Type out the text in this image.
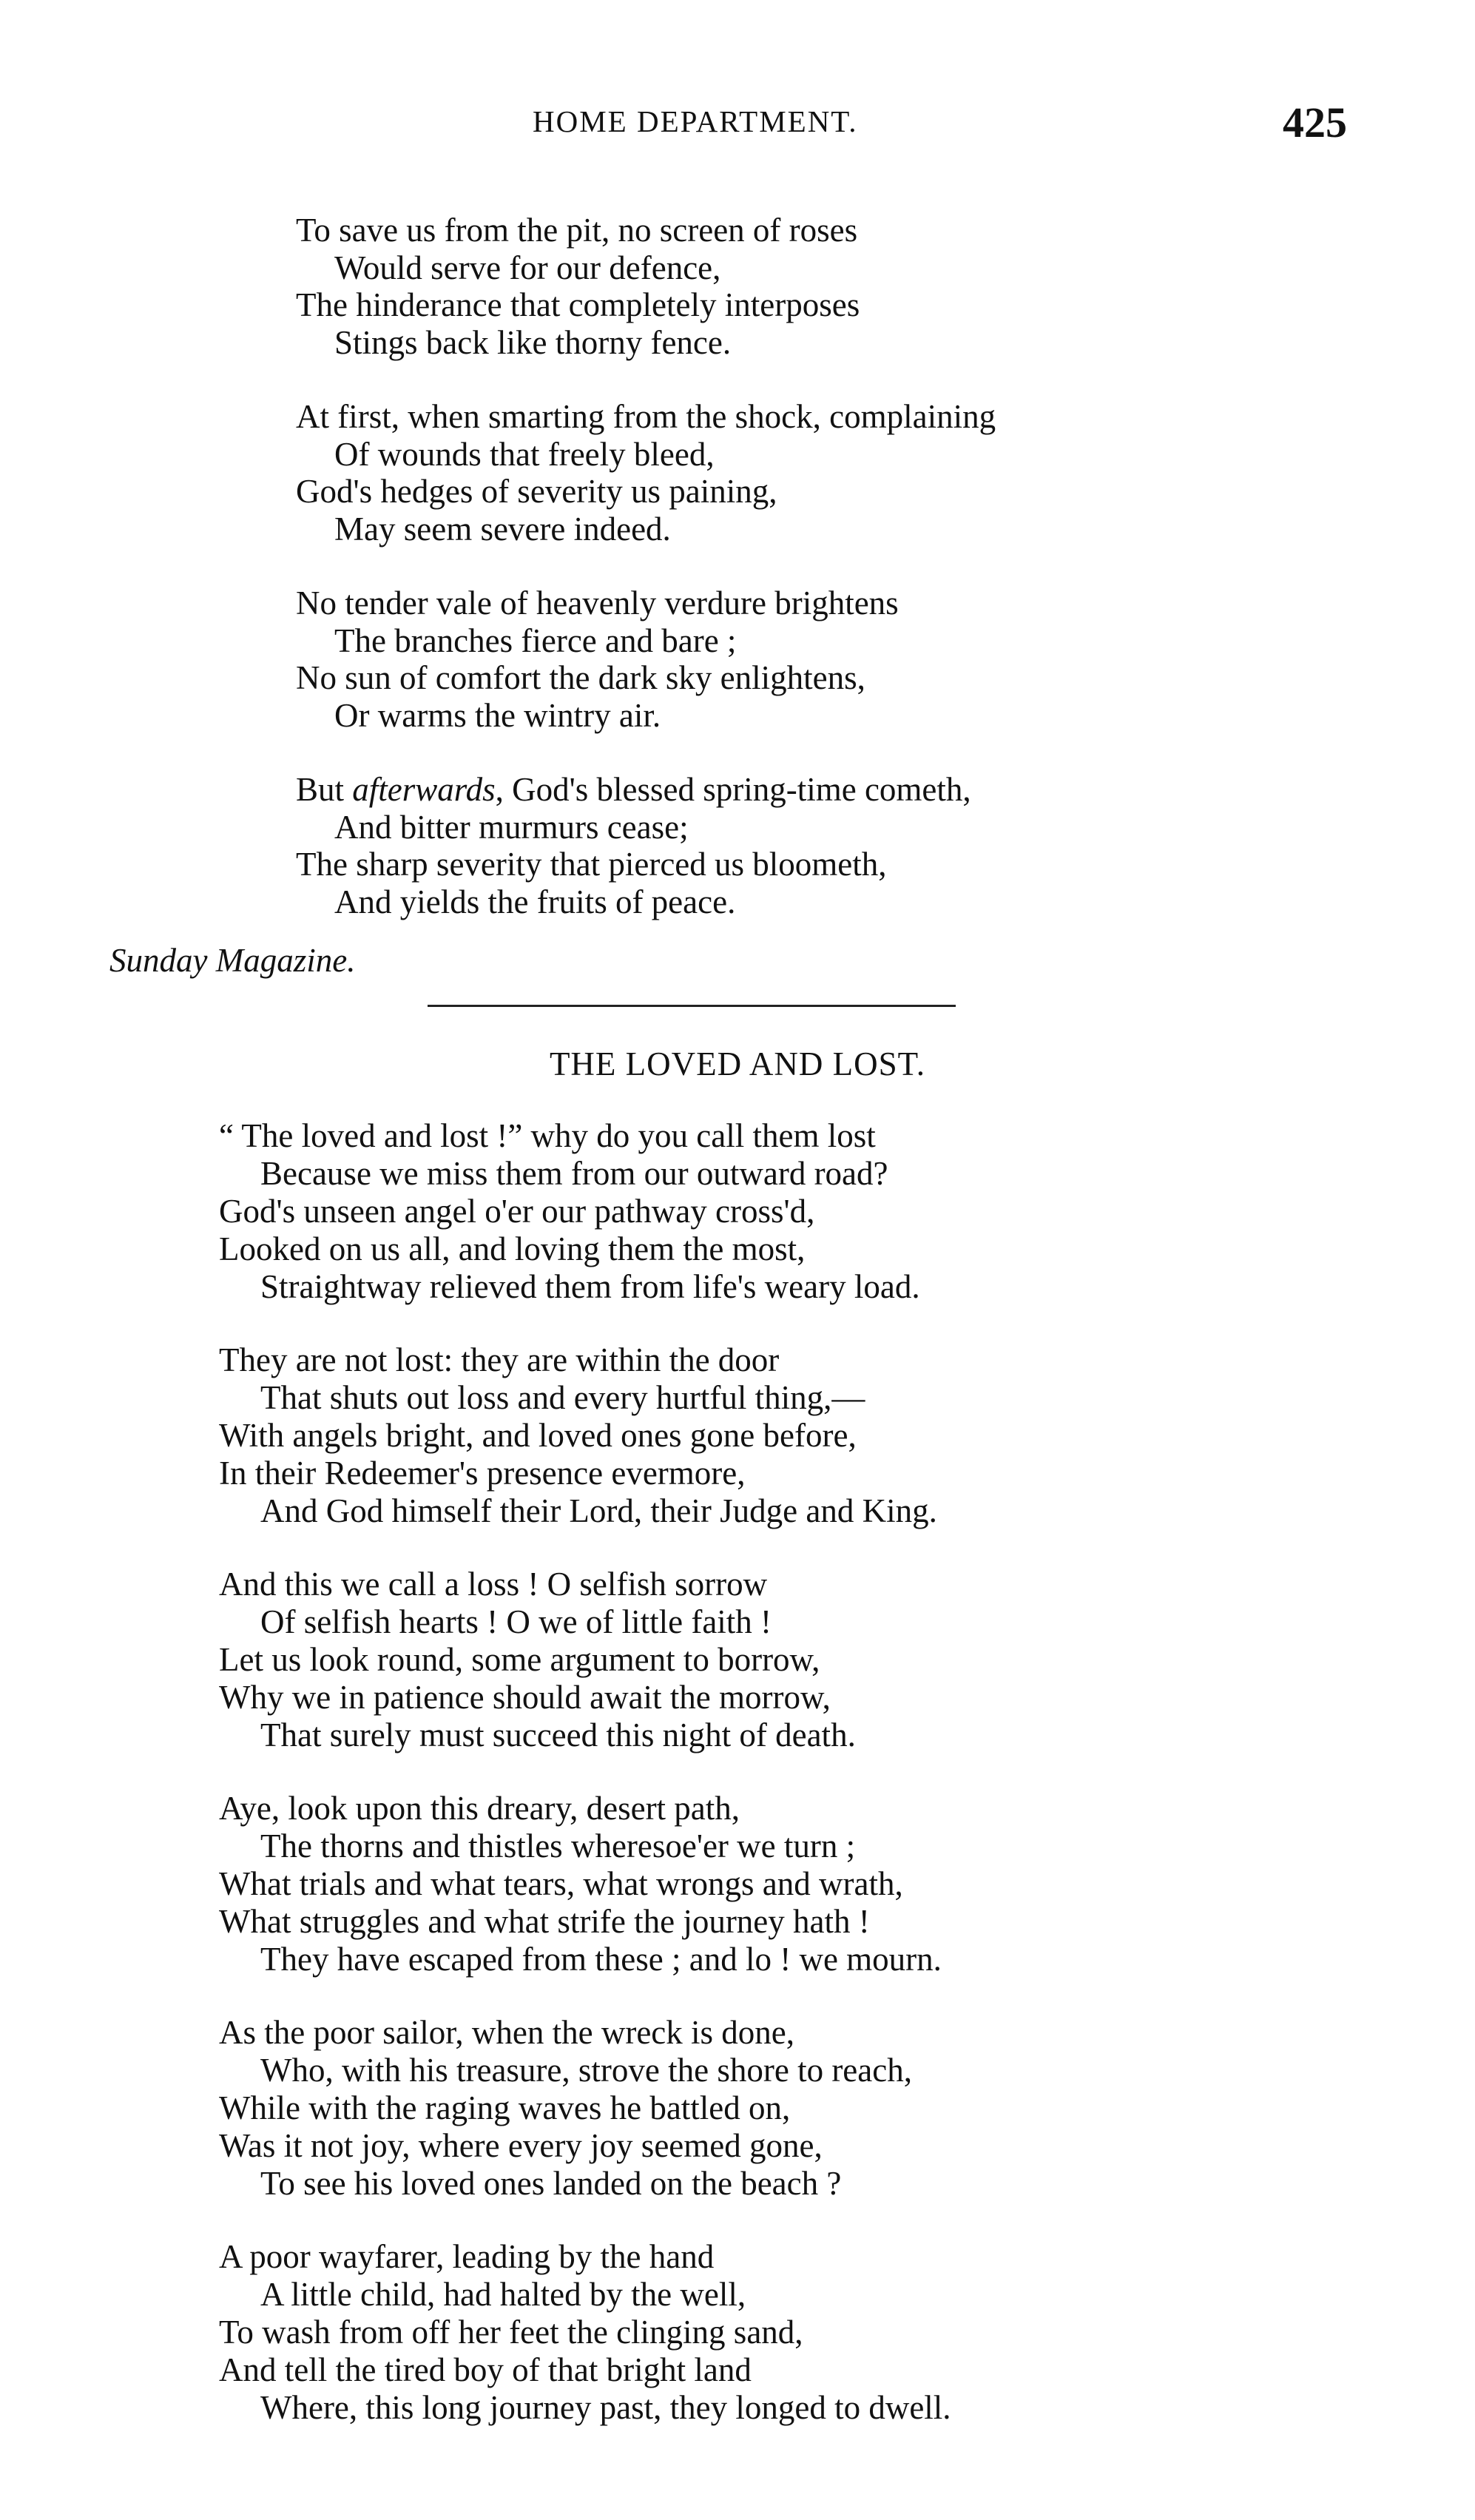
HOME DEPARTMENT.	425
To save us from the pit, no screen of roses
Would serve for our defence,
The hinderance that completely interposes
Stings back like thorny fence.
At first, when smarting from the shock, complaining
Of wounds that freely bleed,
God's hedges of severity us paining,
May seem severe indeed.
No tender vale of heavenly verdure brightens
The branches fierce and bare ;
No sun of comfort the dark sky enlightens,
Or warms the wintry air.
But afterwards, God's blessed spring-time cometh,
And bitter murmurs cease;
The sharp severity that pierced us bloometh,
And yields the fruits of peace.
Sunday Magazine.
THE LOVED AND LOST.
“ The loved and lost !” why do you call them lost
Because we miss them from our outward road?
God's unseen angel o'er our pathway cross'd,
Looked on us all, and loving them the most,
Straightway relieved them from life's weary load.
They are not lost: they are within the door
That shuts out loss and every hurtful thing,—
With angels bright, and loved ones gone before,
In their Redeemer's presence evermore,
And God himself their Lord, their Judge and King.
And this we call a loss ! O selfish sorrow
Of selfish hearts ! O we of little faith !
Let us look round, some argument to borrow,
Why we in patience should await the morrow,
That surely must succeed this night of death.
Aye, look upon this dreary, desert path,
The thorns and thistles wheresoe'er we turn ;
What trials and what tears, what wrongs and wrath,
What struggles and what strife the journey hath !
They have escaped from these ; and lo ! we mourn.
As the poor sailor, when the wreck is done,
Who, with his treasure, strove the shore to reach,
While with the raging waves he battled on,
Was it not joy, where every joy seemed gone,
To see his loved ones landed on the beach ?
A poor wayfarer, leading by the hand
A little child, had halted by the well,
To wash from off her feet the clinging sand,
And tell the tired boy of that bright land
Where, this long journey past, they longed to dwell.
